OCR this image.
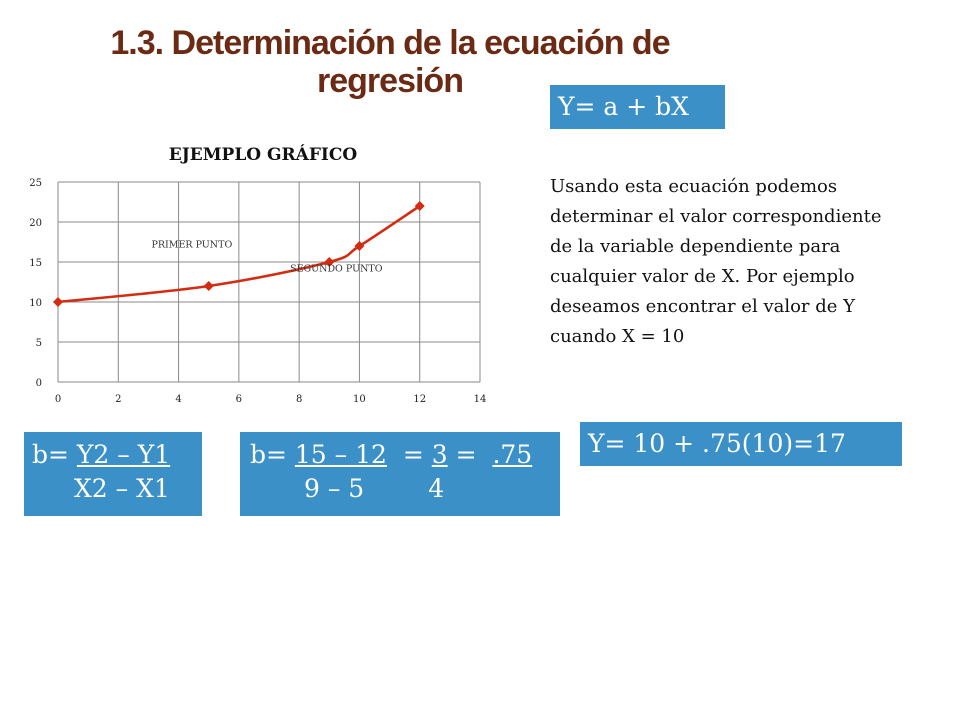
1.3. Determinación de la ecuación de regresión
Y= a + bX
Usando esta ecuación podemos determinar el valor correspondiente de la variable dependiente para cualquier valor de X. Por ejemplo deseamos encontrar el valor de Y cuando X = 10
EJEMPLO GRÁFICO
0
5
10
15
20
25
0	2	4	6	8	10	12	14
PRIMER PUNTO
SEGUNDO PUNTO
b= Y2 – Y1
X2 – X1
b= 15 – 12  = 3 =  .75
9 – 5	4
Y= 10 + .75(10)=17
